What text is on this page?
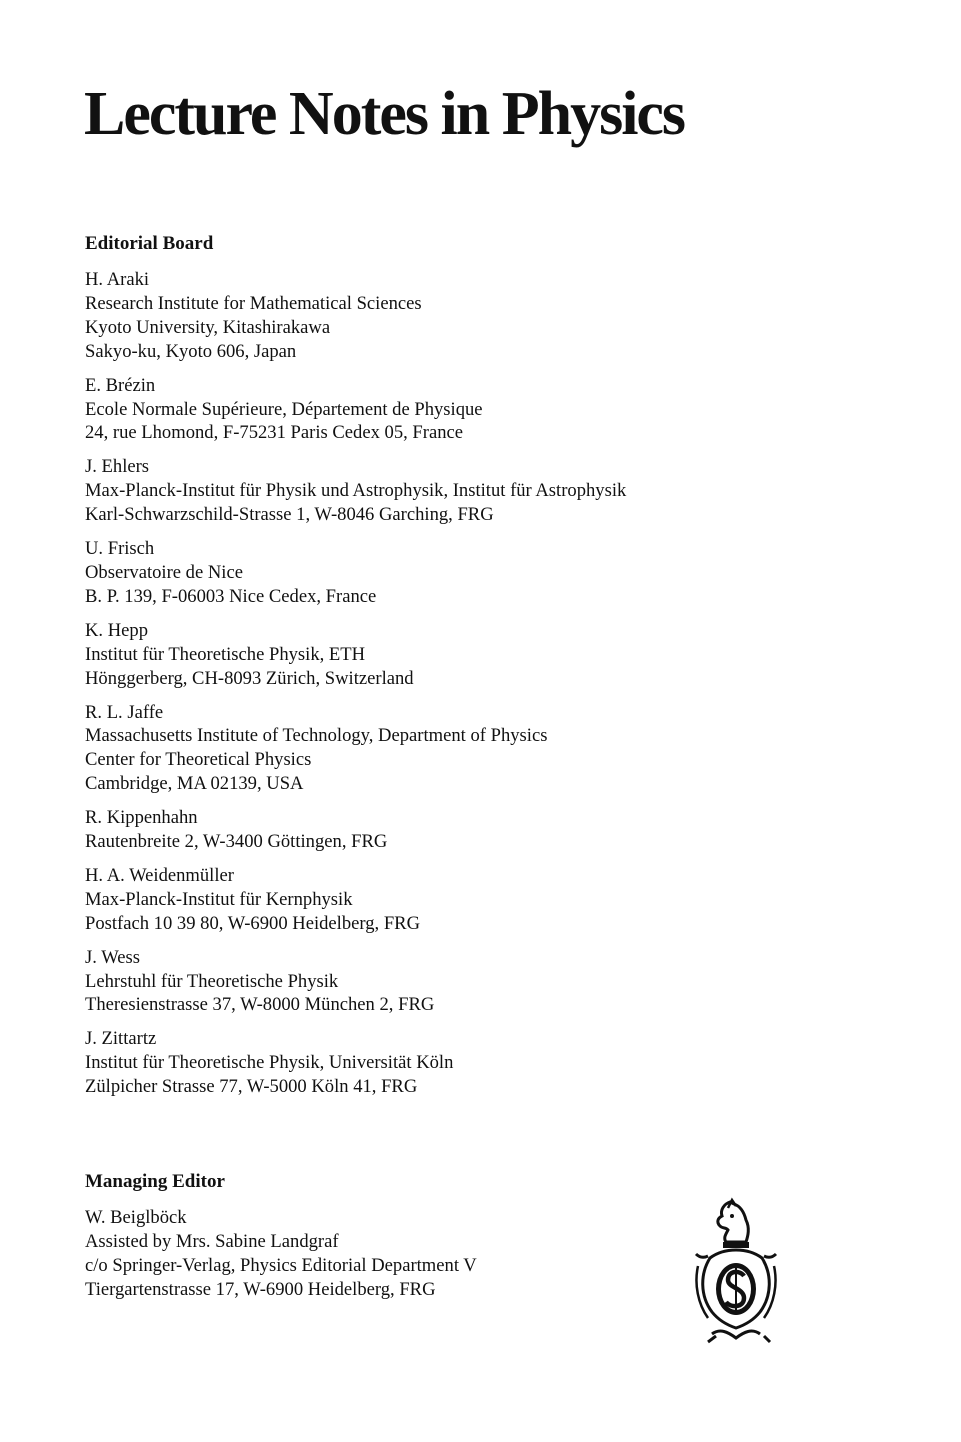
Lecture Notes in Physics
Editorial Board
H. Araki
Research Institute for Mathematical Sciences
Kyoto University, Kitashirakawa
Sakyo-ku, Kyoto 606, Japan
E. Brézin
Ecole Normale Supérieure, Département de Physique
24, rue Lhomond, F-75231 Paris Cedex 05, France
J. Ehlers
Max-Planck-Institut für Physik und Astrophysik, Institut für Astrophysik
Karl-Schwarzschild-Strasse 1, W-8046 Garching, FRG
U. Frisch
Observatoire de Nice
B. P. 139, F-06003 Nice Cedex, France
K. Hepp
Institut für Theoretische Physik, ETH
Hönggerberg, CH-8093 Zürich, Switzerland
R. L. Jaffe
Massachusetts Institute of Technology, Department of Physics
Center for Theoretical Physics
Cambridge, MA 02139, USA
R. Kippenhahn
Rautenbreite 2, W-3400 Göttingen, FRG
H. A. Weidenmüller
Max-Planck-Institut für Kernphysik
Postfach 10 39 80, W-6900 Heidelberg, FRG
J. Wess
Lehrstuhl für Theoretische Physik
Theresienstrasse 37, W-8000 München 2, FRG
J. Zittartz
Institut für Theoretische Physik, Universität Köln
Zülpicher Strasse 77, W-5000 Köln 41, FRG
Managing Editor
W. Beiglböck
Assisted by Mrs. Sabine Landgraf
c/o Springer-Verlag, Physics Editorial Department V
Tiergartenstrasse 17, W-6900 Heidelberg, FRG
